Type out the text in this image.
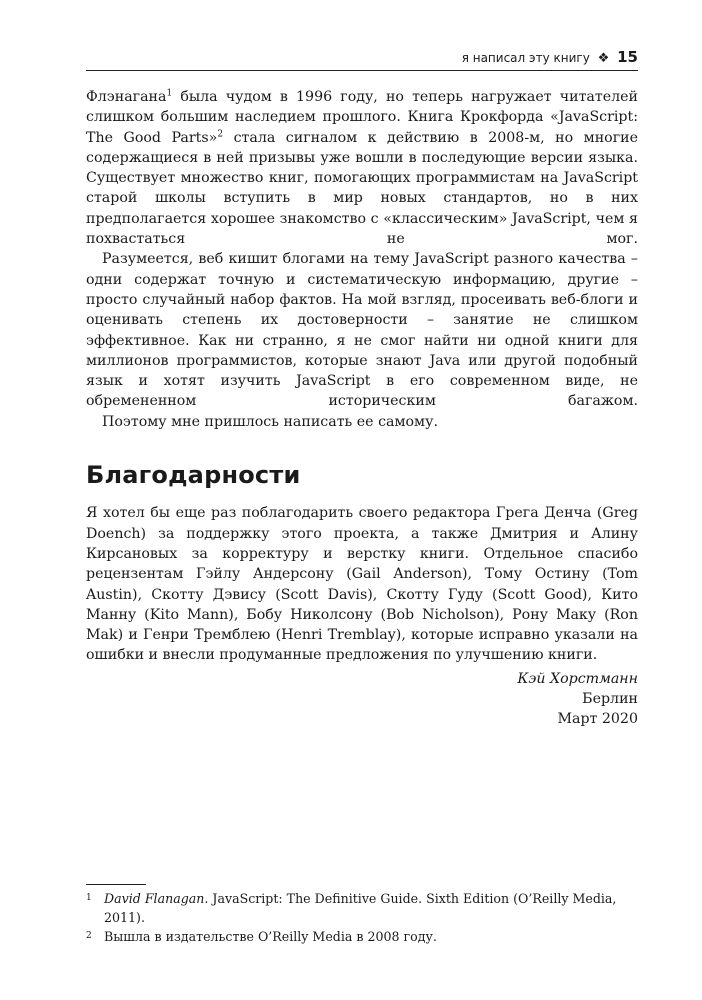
я написал эту книгу ❖ 15

Флэнагана$^1$ была чудом в 1996 году, но теперь нагружает читателей слишком большим наследием прошлого. Книга Крокфорда «JavaScript: The Good Parts»$^2$ стала сигналом к действию в 2008-м, но многие содержащиеся в ней призывы уже вошли в последующие версии языка. Существует множество книг, помогающих программистам на JavaScript старой школы вступить в мир новых стандартов, но в них предполагается хорошее знакомство с «классическим» JavaScript, чем я похвастаться не мог.

Разумеется, веб кишит блогами на тему JavaScript разного качества – одни содержат точную и систематическую информацию, другие – просто случайный набор фактов. На мой взгляд, просеивать веб-блоги и оценивать степень их достоверности – занятие не слишком эффективное. Как ни странно, я не смог найти ни одной книги для миллионов программистов, которые знают Java или другой подобный язык и хотят изучить JavaScript в его современном виде, не обремененном историческим багажом.

Поэтому мне пришлось написать ее самому.

Благодарности

Я хотел бы еще раз поблагодарить своего редактора Грега Денча (Greg Doench) за поддержку этого проекта, а также Дмитрия и Алину Кирсановых за корректуру и верстку книги. Отдельное спасибо рецензентам Гэйлу Андерсону (Gail Anderson), Тому Остину (Tom Austin), Скотту Дэвису (Scott Davis), Скотту Гуду (Scott Good), Кито Манну (Kito Mann), Бобу Николсону (Bob Nicholson), Рону Маку (Ron Mak) и Генри Тремблею (Henri Tremblay), которые исправно указали на ошибки и внесли продуманные предложения по улучшению книги.

Кэй Хорстманн
Берлин
Март 2020
1 David Flanagan. JavaScript: The Definitive Guide. Sixth Edition (O’Reilly Media, 2011).
2 Вышла в издательстве O’Reilly Media в 2008 году.
